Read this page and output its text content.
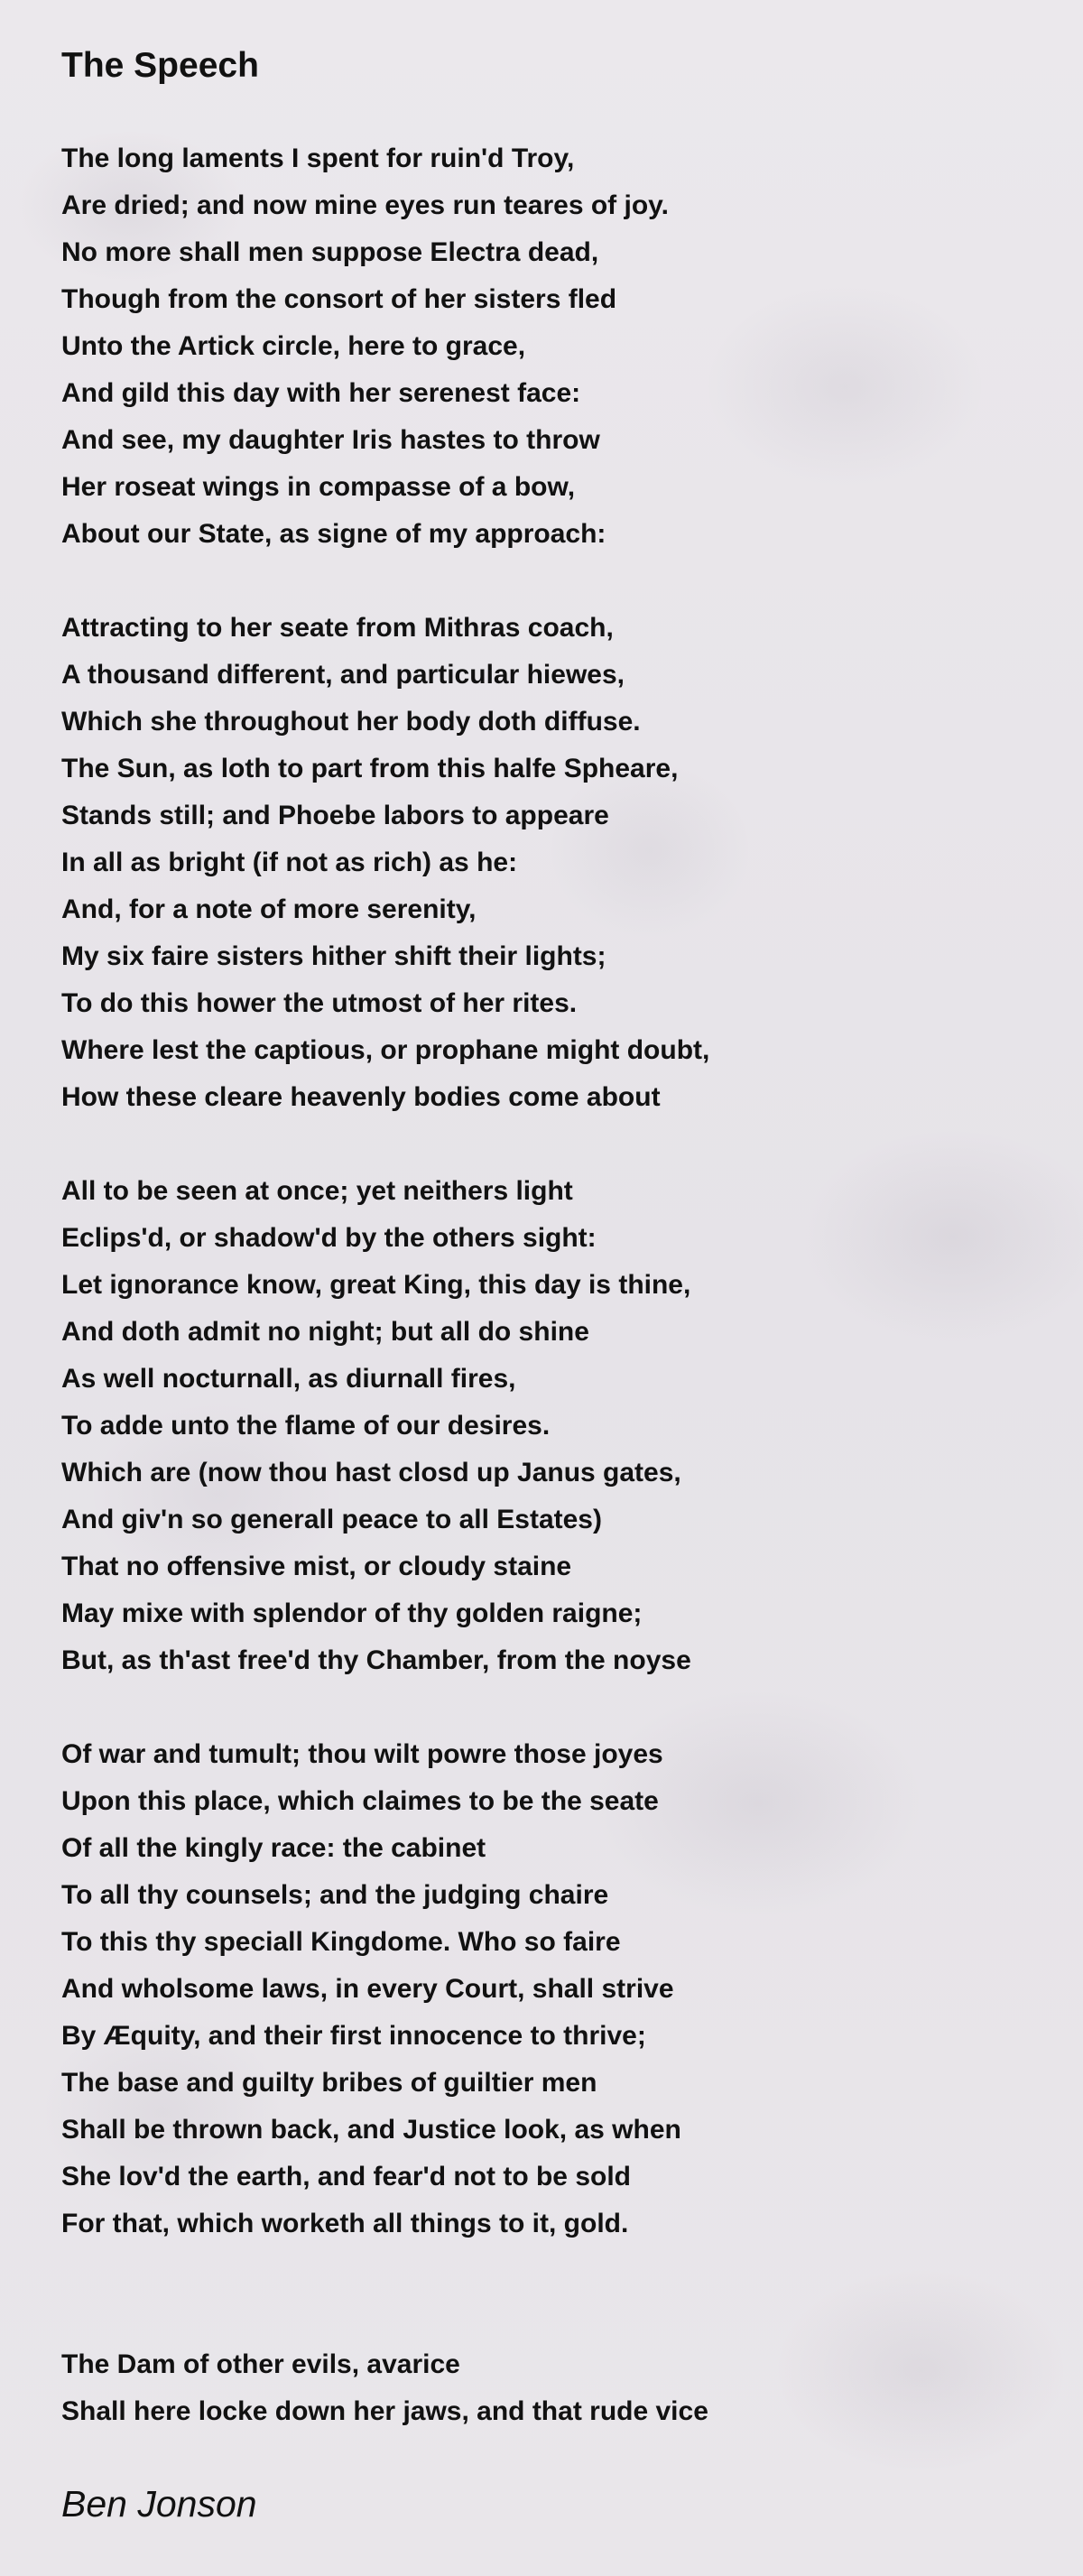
The Speech
The long laments I spent for ruin'd Troy,
Are dried; and now mine eyes run teares of joy.
No more shall men suppose Electra dead,
Though from the consort of her sisters fled
Unto the Artick circle, here to grace,
And gild this day with her serenest face:
And see, my daughter Iris hastes to throw
Her roseat wings in compasse of a bow,
About our State, as signe of my approach:
Attracting to her seate from Mithras coach,
A thousand different, and particular hiewes,
Which she throughout her body doth diffuse.
The Sun, as loth to part from this halfe Spheare,
Stands still; and Phoebe labors to appeare
In all as bright (if not as rich) as he:
And, for a note of more serenity,
My six faire sisters hither shift their lights;
To do this hower the utmost of her rites.
Where lest the captious, or prophane might doubt,
How these cleare heavenly bodies come about
All to be seen at once; yet neithers light
Eclips'd, or shadow'd by the others sight:
Let ignorance know, great King, this day is thine,
And doth admit no night; but all do shine
As well nocturnall, as diurnall fires,
To adde unto the flame of our desires.
Which are (now thou hast closd up Janus gates,
And giv'n so generall peace to all Estates)
That no offensive mist, or cloudy staine
May mixe with splendor of thy golden raigne;
But, as th'ast free'd thy Chamber, from the noyse
Of war and tumult; thou wilt powre those joyes
Upon this place, which claimes to be the seate
Of all the kingly race: the cabinet
To all thy counsels; and the judging chaire
To this thy speciall Kingdome. Who so faire
And wholsome laws, in every Court, shall strive
By Æquity, and their first innocence to thrive;
The base and guilty bribes of guiltier men
Shall be thrown back, and Justice look, as when
She lov'd the earth, and fear'd not to be sold
For that, which worketh all things to it, gold.
The Dam of other evils, avarice
Shall here locke down her jaws, and that rude vice

Ben Jonson
